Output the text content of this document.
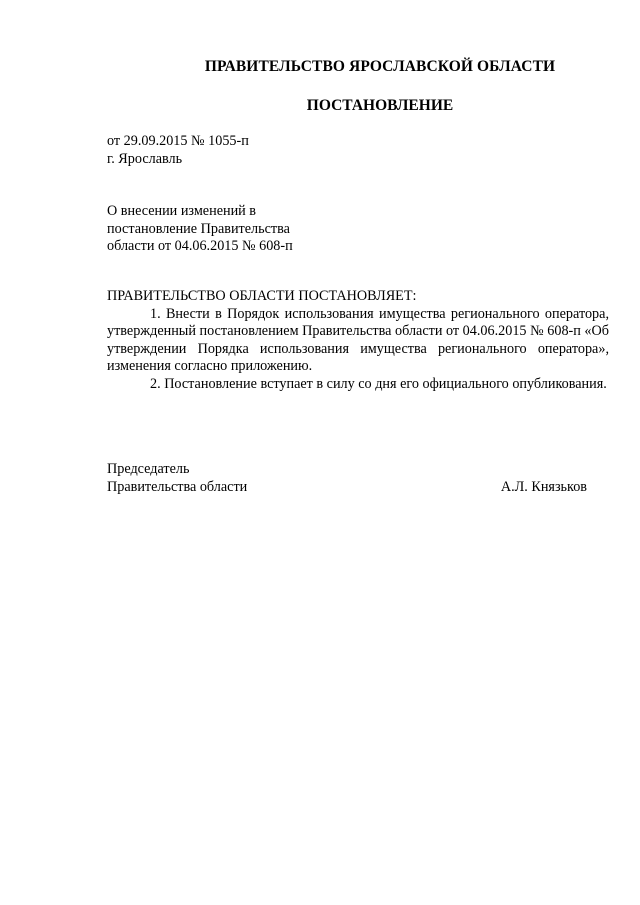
ПРАВИТЕЛЬСТВО ЯРОСЛАВСКОЙ ОБЛАСТИ
ПОСТАНОВЛЕНИЕ
от 29.09.2015 № 1055-п
г. Ярославль
О внесении изменений в
постановление Правительства
области от 04.06.2015 № 608-п

ПРАВИТЕЛЬСТВО ОБЛАСТИ ПОСТАНОВЛЯЕТ:

1. Внести в Порядок использования имущества регионального оператора, утвержденный постановлением Правительства области от 04.06.2015 № 608-п «Об утверждении Порядка использования имущества регионального оператора», изменения согласно приложению.

2. Постановление вступает в силу со дня его официального опубликования.

Председатель
Правительства области	А.Л. Князьков
